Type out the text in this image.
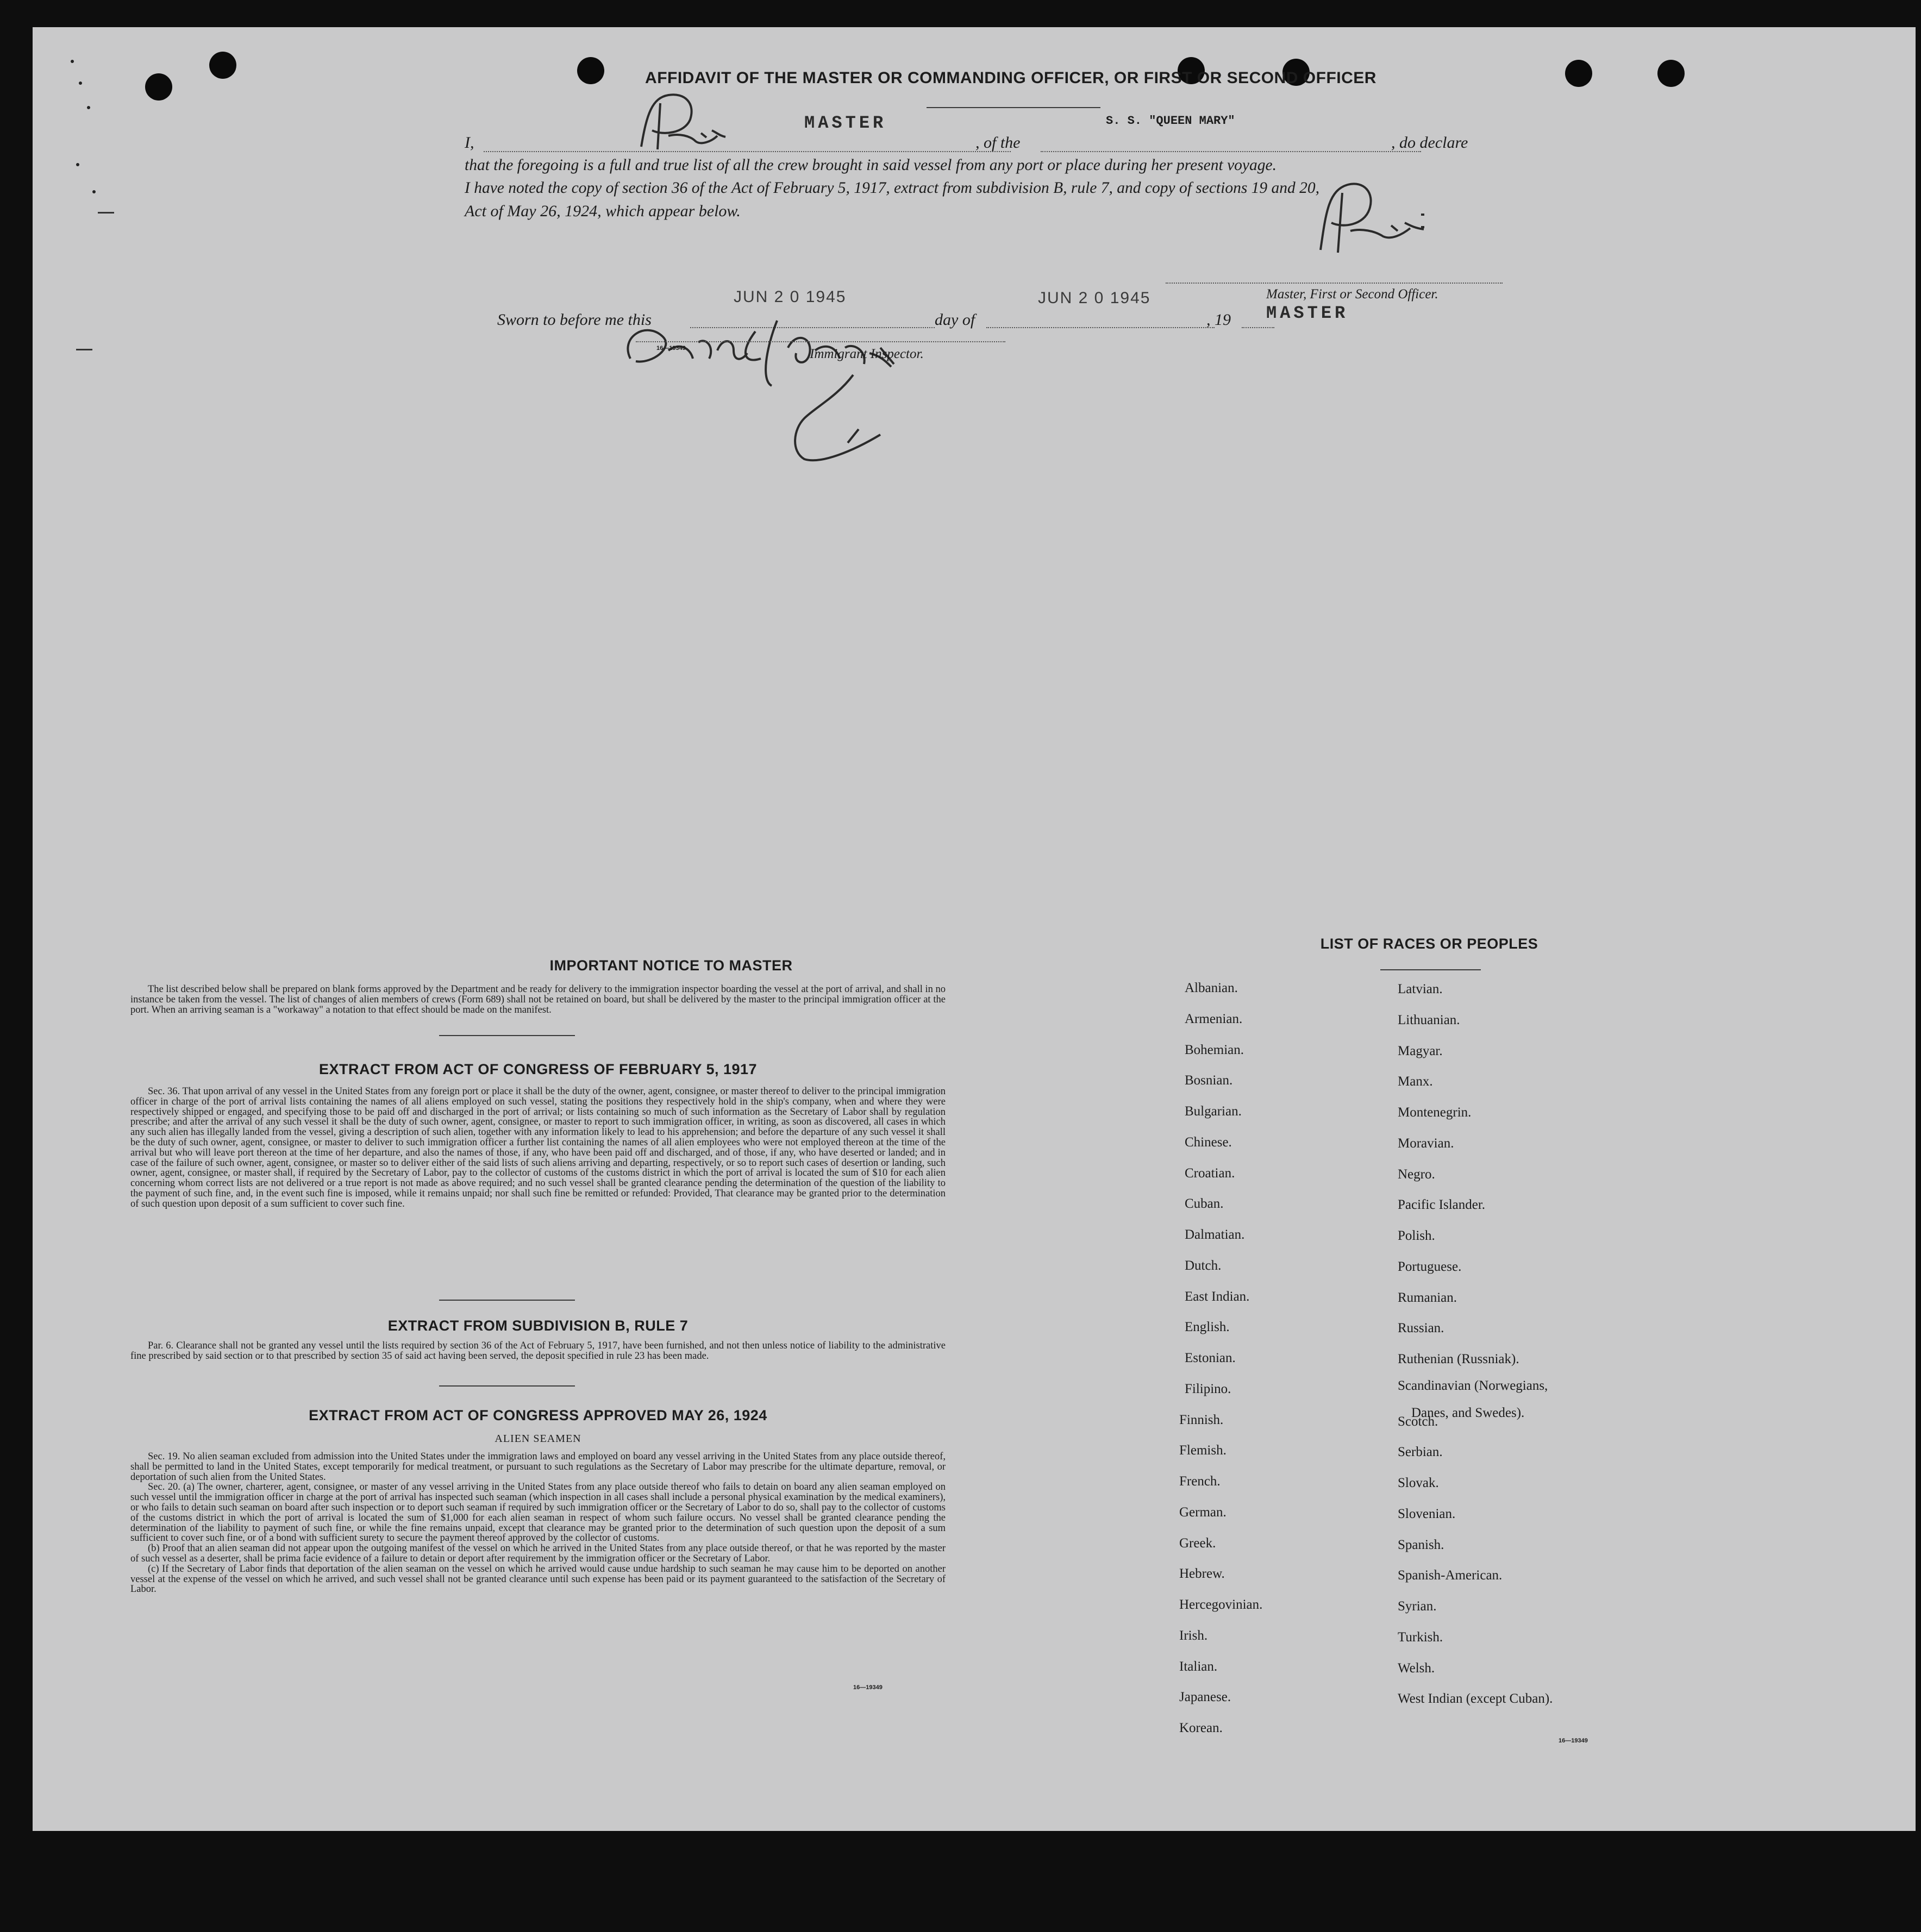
AFFIDAVIT OF THE MASTER OR COMMANDING OFFICER, OR FIRST OR SECOND OFFICER
I,
MASTER
, of the
S. S. "QUEEN MARY"
, do declare
that the foregoing is a full and true list of all the crew brought in said vessel from any port or place during her present voyage.
I have noted the copy of section 36 of the Act of February 5, 1917, extract from subdivision B, rule 7, and copy of sections 19 and 20,
Act of May 26, 1924, which appear below.
Master, First or Second Officer.
Sworn to before me this
JUN 2 0 1945
day of
JUN 2 0 1945
, 19 MASTER
16—19349	Immigrant Inspector.
IMPORTANT NOTICE TO MASTER

The list described below shall be prepared on blank forms approved by the Department and be ready for delivery to the immigration inspector boarding the vessel at the port of arrival, and shall in no instance be taken from the vessel. The list of changes of alien members of crews (Form 689) shall not be retained on board, but shall be delivered by the master to the principal immigration officer at the port. When an arriving seaman is a "workaway" a notation to that effect should be made on the manifest.

EXTRACT FROM ACT OF CONGRESS OF FEBRUARY 5, 1917

Sec. 36. That upon arrival of any vessel in the United States from any foreign port or place it shall be the duty of the owner, agent, consignee, or master thereof to deliver to the principal immigration officer in charge of the port of arrival lists containing the names of all aliens employed on such vessel, stating the positions they respectively hold in the ship's company, when and where they were respectively shipped or engaged, and specifying those to be paid off and discharged in the port of arrival; or lists containing so much of such information as the Secretary of Labor shall by regulation prescribe; and after the arrival of any such vessel it shall be the duty of such owner, agent, consignee, or master to report to such immigration officer, in writing, as soon as discovered, all cases in which any such alien has illegally landed from the vessel, giving a description of such alien, together with any information likely to lead to his apprehension; and before the departure of any such vessel it shall be the duty of such owner, agent, consignee, or master to deliver to such immigration officer a further list containing the names of all alien employees who were not employed thereon at the time of the arrival but who will leave port thereon at the time of her departure, and also the names of those, if any, who have been paid off and discharged, and of those, if any, who have deserted or landed; and in case of the failure of such owner, agent, consignee, or master so to deliver either of the said lists of such aliens arriving and departing, respectively, or so to report such cases of desertion or landing, such owner, agent, consignee, or master shall, if required by the Secretary of Labor, pay to the collector of customs of the customs district in which the port of arrival is located the sum of $10 for each alien concerning whom correct lists are not delivered or a true report is not made as above required; and no such vessel shall be granted clearance pending the determination of the question of the liability to the payment of such fine, and, in the event such fine is imposed, while it remains unpaid; nor shall such fine be remitted or refunded: Provided, That clearance may be granted prior to the determination of such question upon deposit of a sum sufficient to cover such fine.

EXTRACT FROM SUBDIVISION B, RULE 7

Par. 6. Clearance shall not be granted any vessel until the lists required by section 36 of the Act of February 5, 1917, have been furnished, and not then unless notice of liability to the administrative fine prescribed by said section or to that prescribed by section 35 of said act having been served, the deposit specified in rule 23 has been made.

EXTRACT FROM ACT OF CONGRESS APPROVED MAY 26, 1924
ALIEN SEAMEN

Sec. 19. No alien seaman excluded from admission into the United States under the immigration laws and employed on board any vessel arriving in the United States from any place outside thereof, shall be permitted to land in the United States, except temporarily for medical treatment, or pursuant to such regulations as the Secretary of Labor may prescribe for the ultimate departure, removal, or deportation of such alien from the United States.

Sec. 20. (a) The owner, charterer, agent, consignee, or master of any vessel arriving in the United States from any place outside thereof who fails to detain on board any alien seaman employed on such vessel until the immigration officer in charge at the port of arrival has inspected such seaman (which inspection in all cases shall include a personal physical examination by the medical examiners), or who fails to detain such seaman on board after such inspection or to deport such seaman if required by such immigration officer or the Secretary of Labor to do so, shall pay to the collector of customs of the customs district in which the port of arrival is located the sum of $1,000 for each alien seaman in respect of whom such failure occurs. No vessel shall be granted clearance pending the determination of the liability to payment of such fine, or while the fine remains unpaid, except that clearance may be granted prior to the determination of such question upon the deposit of a sum sufficient to cover such fine, or of a bond with sufficient surety to secure the payment thereof approved by the collector of customs.

(b) Proof that an alien seaman did not appear upon the outgoing manifest of the vessel on which he arrived in the United States from any place outside thereof, or that he was reported by the master of such vessel as a deserter, shall be prima facie evidence of a failure to detain or deport after requirement by the immigration officer or the Secretary of Labor.

(c) If the Secretary of Labor finds that deportation of the alien seaman on the vessel on which he arrived would cause undue hardship to such seaman he may cause him to be deported on another vessel at the expense of the vessel on which he arrived, and such vessel shall not be granted clearance until such expense has been paid or its payment guaranteed to the satisfaction of the Secretary of Labor.

16—19349
LIST OF RACES OR PEOPLES
Danes, and Swedes).
16—19349
Albanian.
Armenian.
Bohemian.
Bosnian.
Bulgarian.
Chinese.
Croatian.
Cuban.
Dalmatian.
Dutch.
East Indian.
English.
Estonian.
Filipino.
Finnish.
Flemish.
French.
German.
Greek.
Hebrew.
Hercegovinian.
Irish.
Italian.
Japanese.
Korean.
Latvian.
Lithuanian.
Magyar.
Manx.
Montenegrin.
Moravian.
Negro.
Pacific Islander.
Polish.
Portuguese.
Rumanian.
Russian.
Ruthenian (Russniak).
Scandinavian (Norwegians,
Scotch.
Serbian.
Slovak.
Slovenian.
Spanish.
Spanish-American.
Syrian.
Turkish.
Welsh.
West Indian (except Cuban).
